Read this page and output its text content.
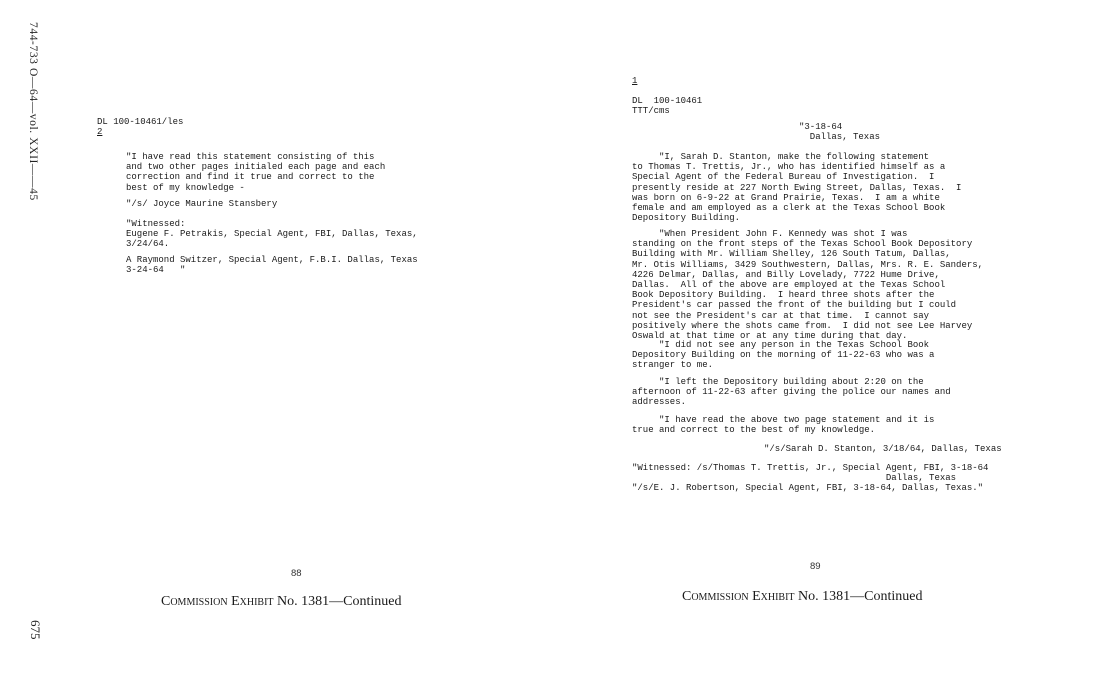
744-733 O—64—vol. XXII——45
675
DL 100-10461/les
2
"I have read this statement consisting of this
and two other pages initialed each page and each
correction and find it true and correct to the
best of my knowledge -
"/s/ Joyce Maurine Stansbery
"Witnessed:
Eugene F. Petrakis, Special Agent, FBI, Dallas, Texas,
3/24/64.
A Raymond Switzer, Special Agent, F.B.I. Dallas, Texas
3-24-64   "
88
Commission Exhibit No. 1381—Continued
1
DL  100-10461
TTT/cms
"3-18-64
Dallas, Texas
"I, Sarah D. Stanton, make the following statement
to Thomas T. Trettis, Jr., who has identified himself as a
Special Agent of the Federal Bureau of Investigation.  I
presently reside at 227 North Ewing Street, Dallas, Texas.  I
was born on 6-9-22 at Grand Prairie, Texas.  I am a white
female and am employed as a clerk at the Texas School Book
Depository Building.
"When President John F. Kennedy was shot I was
standing on the front steps of the Texas School Book Depository
Building with Mr. William Shelley, 126 South Tatum, Dallas,
Mr. Otis Williams, 3429 Southwestern, Dallas, Mrs. R. E. Sanders,
4226 Delmar, Dallas, and Billy Lovelady, 7722 Hume Drive,
Dallas.  All of the above are employed at the Texas School
Book Depository Building.  I heard three shots after the
President's car passed the front of the building but I could
not see the President's car at that time.  I cannot say
positively where the shots came from.  I did not see Lee Harvey
Oswald at that time or at any time during that day.
"I did not see any person in the Texas School Book
Depository Building on the morning of 11-22-63 who was a
stranger to me.
"I left the Depository building about 2:20 on the
afternoon of 11-22-63 after giving the police our names and
addresses.
"I have read the above two page statement and it is
true and correct to the best of my knowledge.
"/s/Sarah D. Stanton, 3/18/64, Dallas, Texas
"Witnessed: /s/Thomas T. Trettis, Jr., Special Agent, FBI, 3-18-64
Dallas, Texas
"/s/E. J. Robertson, Special Agent, FBI, 3-18-64, Dallas, Texas."
89
Commission Exhibit No. 1381—Continued
